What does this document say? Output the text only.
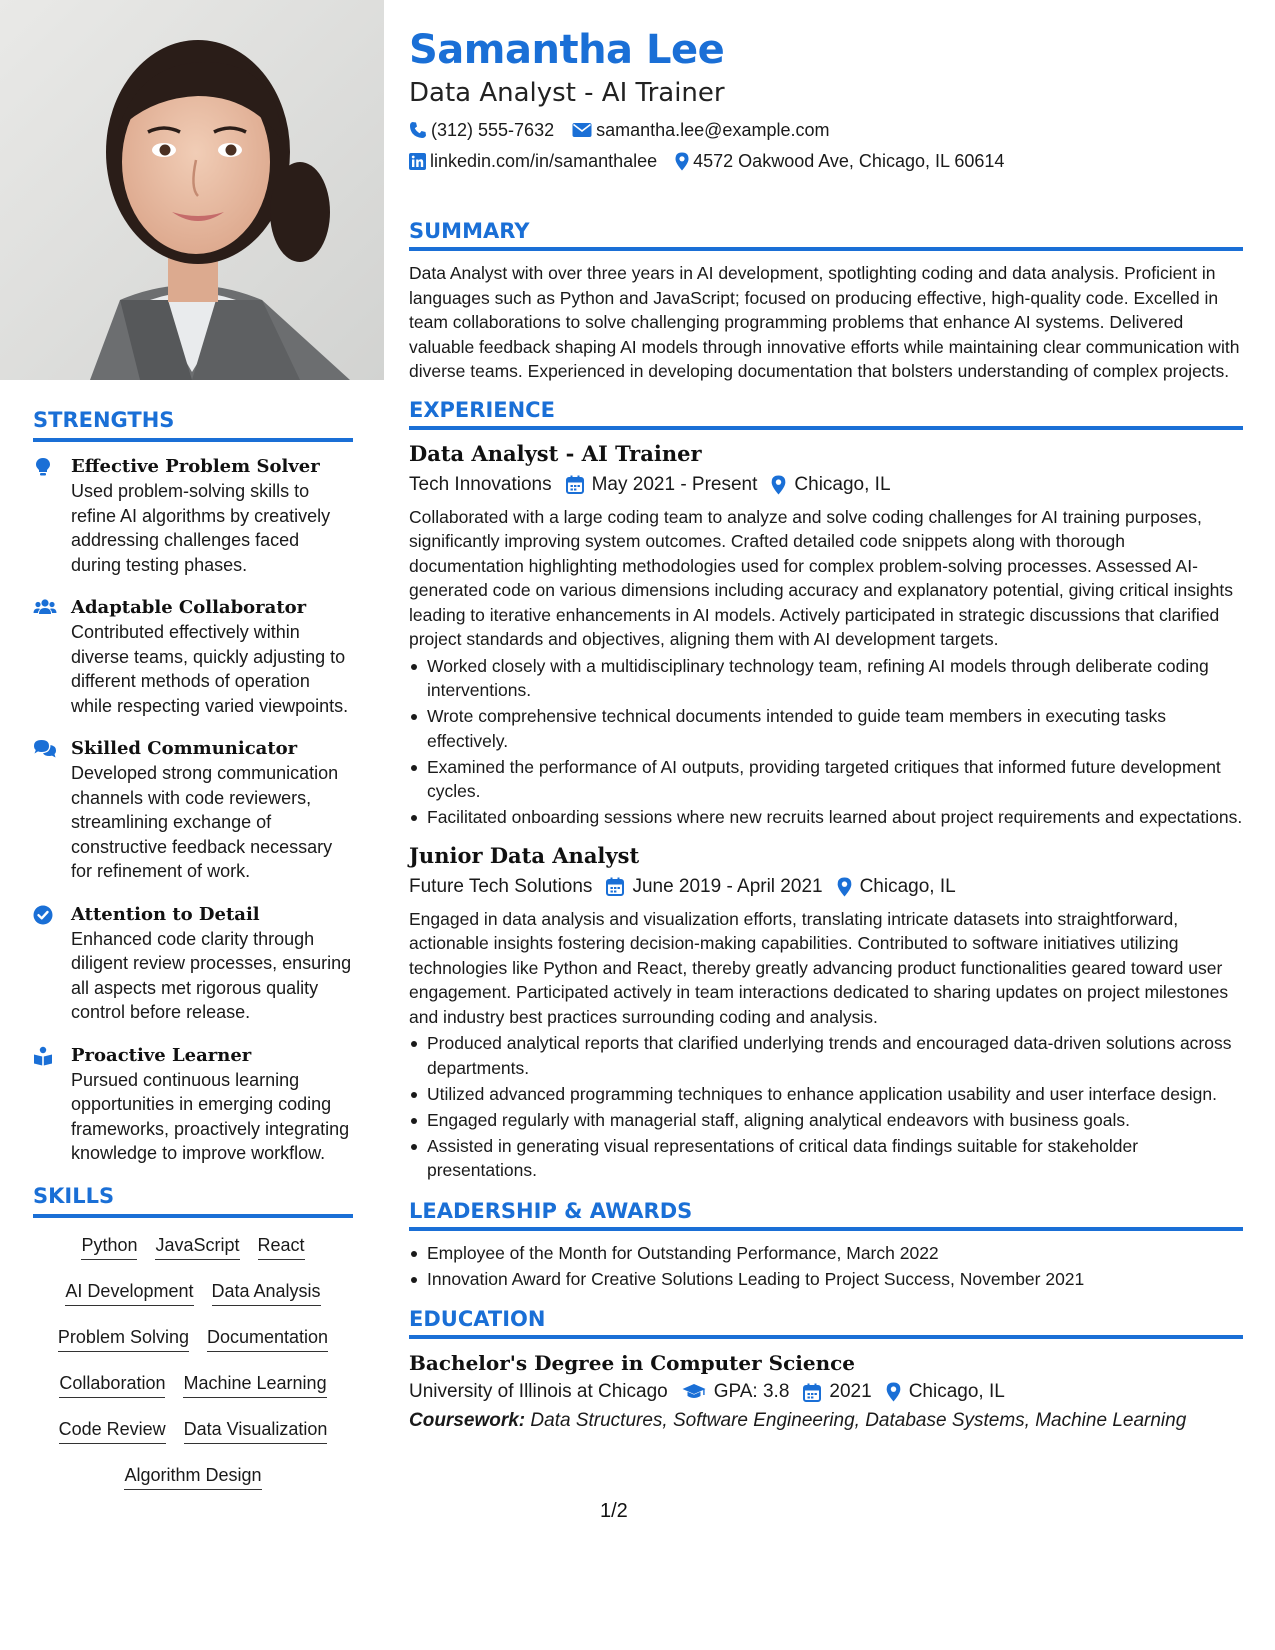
STRENGTHS
Effective Problem Solver
Used problem-solving skills to refine AI algorithms by creatively addressing challenges faced during testing phases.
Adaptable Collaborator
Contributed effectively within diverse teams, quickly adjusting to different methods of operation while respecting varied viewpoints.
Skilled Communicator
Developed strong communication channels with code reviewers, streamlining exchange of constructive feedback necessary for refinement of work.
Attention to Detail
Enhanced code clarity through diligent review processes, ensuring all aspects met rigorous quality control before release.
Proactive Learner
Pursued continuous learning opportunities in emerging coding frameworks, proactively integrating knowledge to improve workflow.
SKILLS
Python JavaScript React
AI Development Data Analysis
Problem Solving Documentation
Collaboration Machine Learning
Code Review Data Visualization
Algorithm Design
Samantha Lee
Data Analyst - AI Trainer
(312) 555-7632 samantha.lee@example.com
linkedin.com/in/samanthalee 4572 Oakwood Ave, Chicago, IL 60614
SUMMARY
Data Analyst with over three years in AI development, spotlighting coding and data analysis. Proficient in languages such as Python and JavaScript; focused on producing effective, high-quality code. Excelled in team collaborations to solve challenging programming problems that enhance AI systems. Delivered valuable feedback shaping AI models through innovative efforts while maintaining clear communication with diverse teams. Experienced in developing documentation that bolsters understanding of complex projects.
EXPERIENCE
Data Analyst - AI Trainer
Tech Innovations May 2021 - Present Chicago, IL
Collaborated with a large coding team to analyze and solve coding challenges for AI training purposes, significantly improving system outcomes. Crafted detailed code snippets along with thorough documentation highlighting methodologies used for complex problem-solving processes. Assessed AI-generated code on various dimensions including accuracy and explanatory potential, giving critical insights leading to iterative enhancements in AI models. Actively participated in strategic discussions that clarified project standards and objectives, aligning them with AI development targets.
Worked closely with a multidisciplinary technology team, refining AI models through deliberate coding interventions.
Wrote comprehensive technical documents intended to guide team members in executing tasks effectively.
Examined the performance of AI outputs, providing targeted critiques that informed future development cycles.
Facilitated onboarding sessions where new recruits learned about project requirements and expectations.
Junior Data Analyst
Future Tech Solutions June 2019 - April 2021 Chicago, IL
Engaged in data analysis and visualization efforts, translating intricate datasets into straightforward, actionable insights fostering decision-making capabilities. Contributed to software initiatives utilizing technologies like Python and React, thereby greatly advancing product functionalities geared toward user engagement. Participated actively in team interactions dedicated to sharing updates on project milestones and industry best practices surrounding coding and analysis.
Produced analytical reports that clarified underlying trends and encouraged data-driven solutions across departments.
Utilized advanced programming techniques to enhance application usability and user interface design.
Engaged regularly with managerial staff, aligning analytical endeavors with business goals.
Assisted in generating visual representations of critical data findings suitable for stakeholder presentations.
LEADERSHIP & AWARDS
Employee of the Month for Outstanding Performance, March 2022
Innovation Award for Creative Solutions Leading to Project Success, November 2021
EDUCATION
Bachelor's Degree in Computer Science
University of Illinois at Chicago GPA: 3.8 2021 Chicago, IL
Coursework: Data Structures, Software Engineering, Database Systems, Machine Learning
1/2
